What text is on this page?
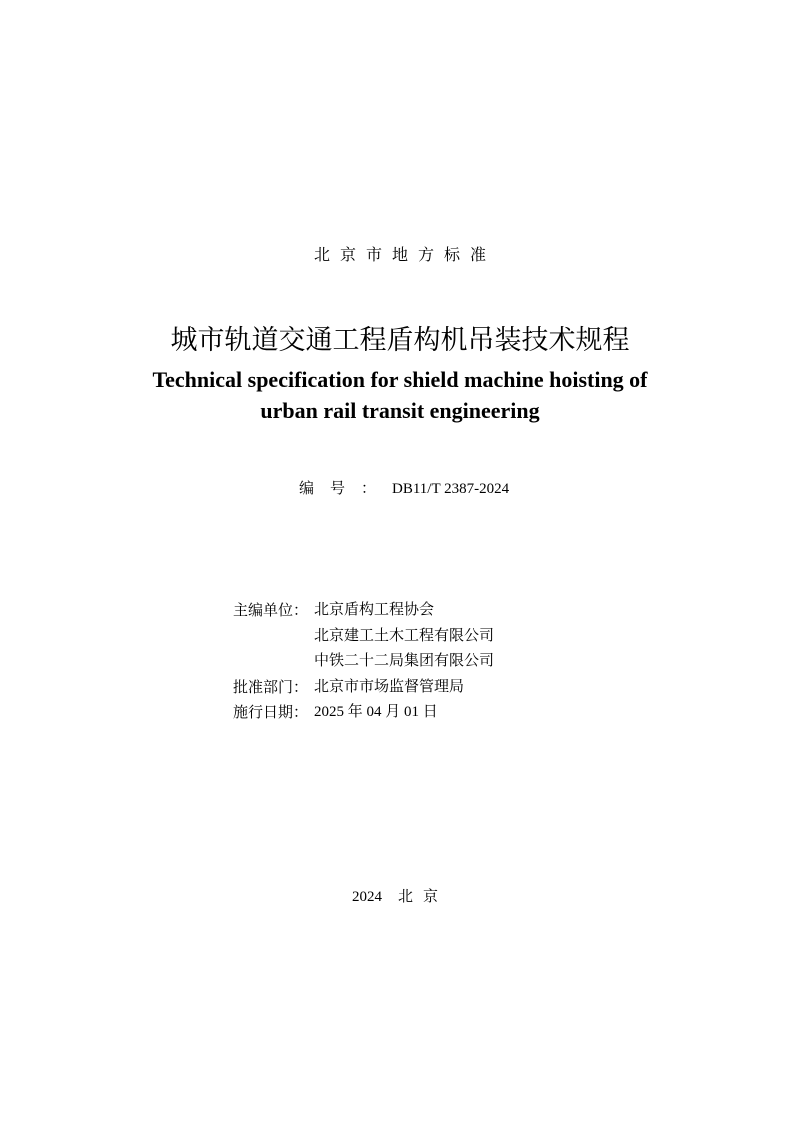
北京市地方标准
城市轨道交通工程盾构机吊装技术规程
Technical specification for shield machine hoisting of
urban rail transit engineering
编号：DB11/T 2387-2024
主编单位： 北京盾构工程协会
北京建工土木工程有限公司
中铁二十二局集团有限公司
批准部门： 北京市市场监督管理局
施行日期： 2025 年 04 月 01 日
2024 北京
